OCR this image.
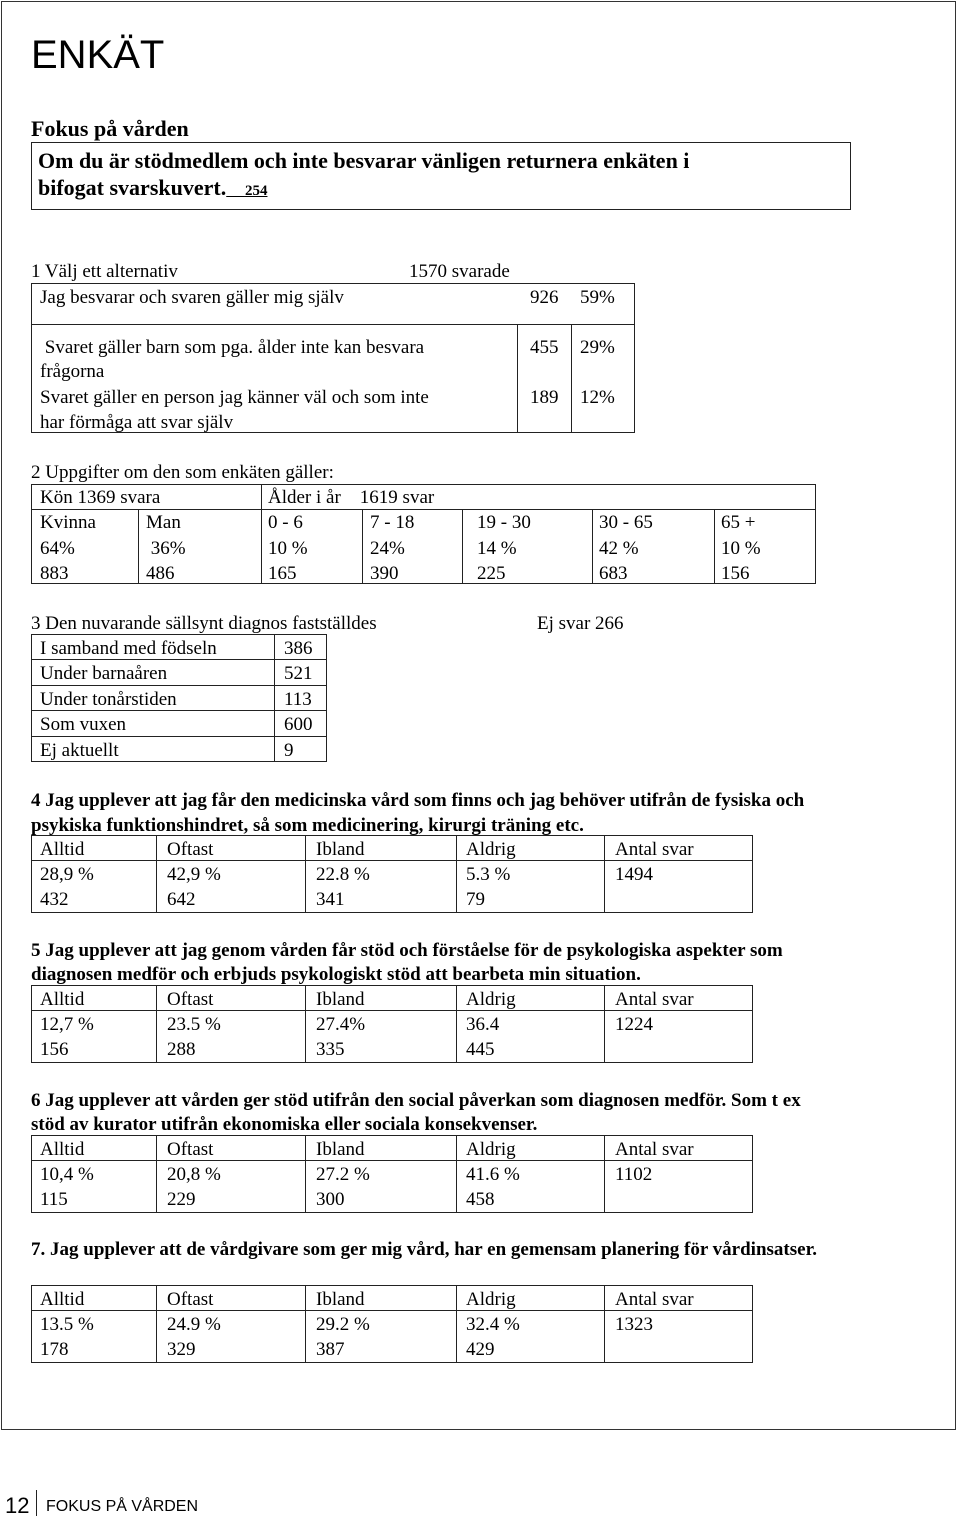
ENKÄT
Fokus på vården
Om du är stödmedlem och inte besvarar vänligen returnera enkäten i
bifogat svarskuvert. 254
1 Välj ett alternativ	1570 svarade
Jag besvarar och svaren gäller mig själv	926 59%
Svaret gäller barn som pga. ålder inte kan besvara
frågorna
455 29%
Svaret gäller en person jag känner väl och som inte
har förmåga att svar själv
189 12%
2 Uppgifter om den som enkäten gäller:
Kön 1369 svara	Ålder i år    1619 svar
Kvinna	Man	0 - 6	7 - 18	19 - 30	30 - 65	65 +
64%	36%	10 %	24%	14 %	42 %	10 %
883	486	165	390	225	683	156
3 Den nuvarande sällsynt diagnos fastställdes	Ej svar 266
I samband med födseln	386
Under barnaåren	521
Under tonårstiden	113
Som vuxen	600
Ej aktuellt	9
4 Jag upplever att jag får den medicinska vård som finns och jag behöver utifrån de fysiska och
psykiska funktionshindret, så som medicinering, kirurgi träning etc.
Alltid	Oftast	Ibland	Aldrig	Antal svar
28,9 %	42,9 %	22.8 %	5.3 %	1494
432	642	341	79
5 Jag upplever att jag genom vården får stöd och förståelse för de psykologiska aspekter som
diagnosen medför och erbjuds psykologiskt stöd att bearbeta min situation.
Alltid	Oftast	Ibland	Aldrig	Antal svar
12,7 %	23.5 %	27.4%	36.4	1224
156	288	335	445
6 Jag upplever att vården ger stöd utifrån den social påverkan som diagnosen medför. Som t ex
stöd av kurator utifrån ekonomiska eller sociala konsekvenser.
Alltid	Oftast	Ibland	Aldrig	Antal svar
10,4 %	20,8 %	27.2 %	41.6 %	1102
115	229	300	458
7. Jag upplever att de vårdgivare som ger mig vård, har en gemensam planering för vårdinsatser.
Alltid	Oftast	Ibland	Aldrig	Antal svar
13.5 %	24.9 %	29.2 %	32.4 %	1323
178	329	387	429
12 FOKUS PÅ VÅRDEN
